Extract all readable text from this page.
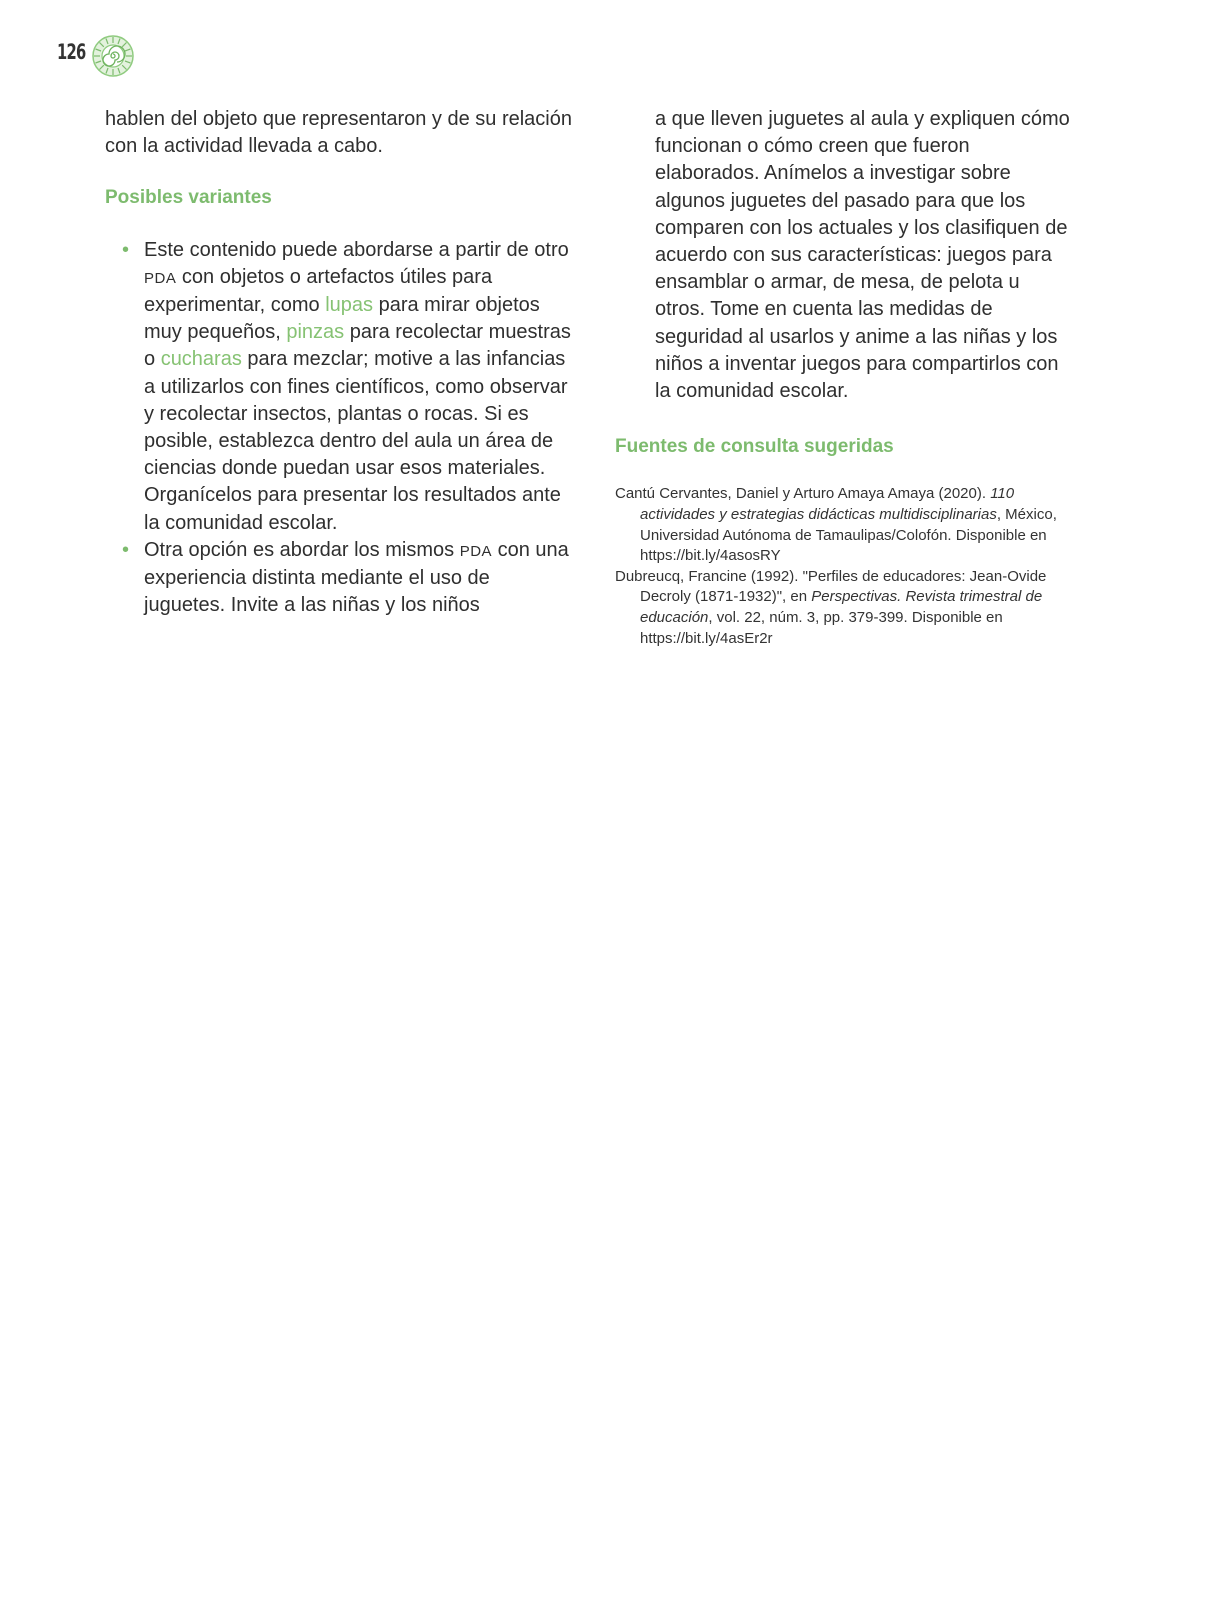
126

hablen del objeto que representaron y de su relación con la actividad llevada a cabo.

Posibles variantes
• Este contenido puede abordarse a partir de otro PDA con objetos o artefactos útiles para experimentar, como lupas para mirar objetos muy pequeños, pinzas para recolectar muestras o cucharas para mezclar; motive a las infancias a utilizarlos con fines científicos, como observar y recolectar insectos, plantas o rocas. Si es posible, establezca dentro del aula un área de ciencias donde puedan usar esos materiales. Organícelos para presentar los resultados ante la comunidad escolar.
• Otra opción es abordar los mismos PDA con una experiencia distinta mediante el uso de juguetes. Invite a las niñas y los niños

a que lleven juguetes al aula y expliquen cómo funcionan o cómo creen que fueron elaborados. Anímelos a investigar sobre algunos juguetes del pasado para que los comparen con los actuales y los clasifiquen de acuerdo con sus características: juegos para ensamblar o armar, de mesa, de pelota u otros. Tome en cuenta las medidas de seguridad al usarlos y anime a las niñas y los niños a inventar juegos para compartirlos con la comunidad escolar.

Fuentes de consulta sugeridas

Cantú Cervantes, Daniel y Arturo Amaya Amaya (2020). 110 actividades y estrategias didácticas multidisciplinarias, México, Universidad Autónoma de Tamaulipas/Colofón. Disponible en https://bit.ly/4asosRY

Dubreucq, Francine (1992). "Perfiles de educadores: Jean-Ovide Decroly (1871-1932)", en Perspectivas. Revista trimestral de educación, vol. 22, núm. 3, pp. 379-399. Disponible en https://bit.ly/4asEr2r
